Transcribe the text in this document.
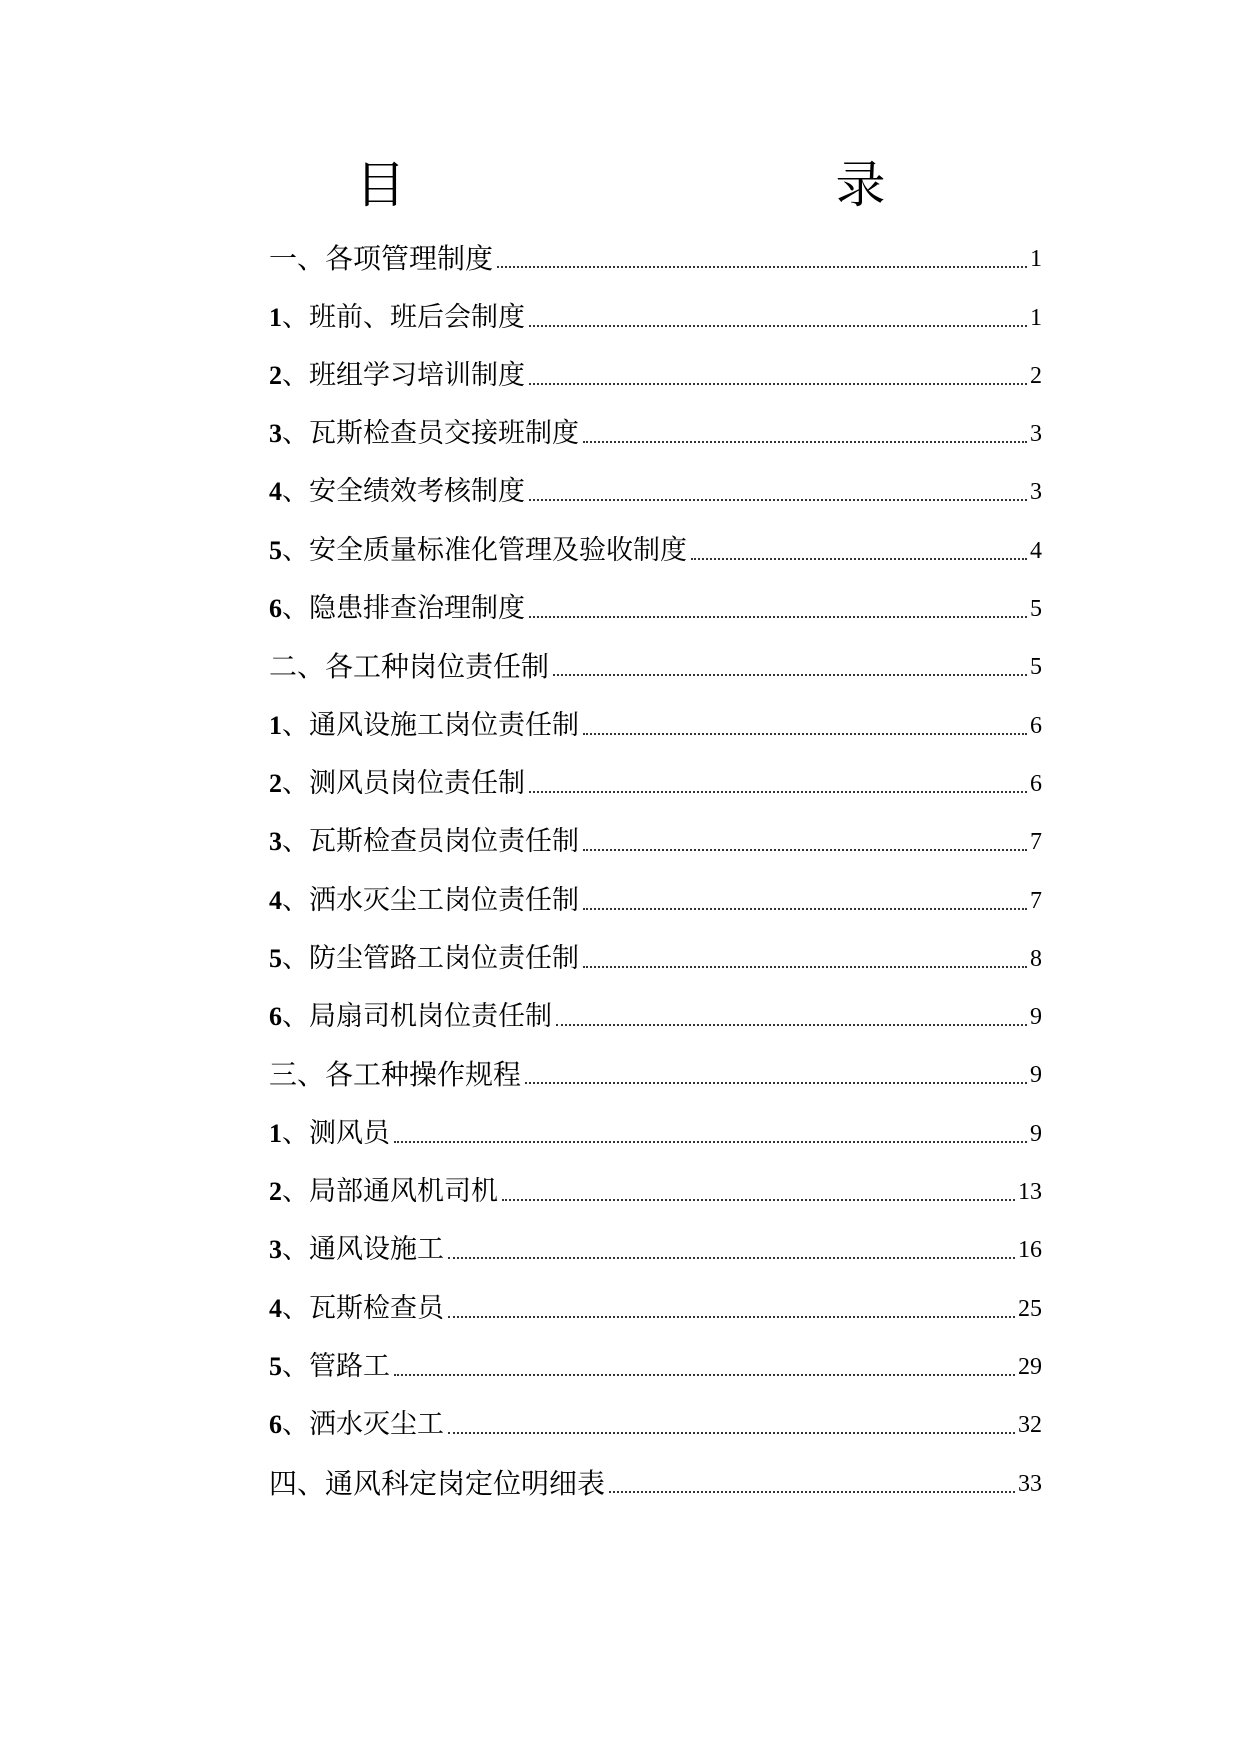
目　　录
一、各项管理制度	1
1、班前、班后会制度	1
2、班组学习培训制度	2
3、瓦斯检查员交接班制度	3
4、安全绩效考核制度	3
5、安全质量标准化管理及验收制度	4
6、隐患排查治理制度	5
二、各工种岗位责任制	5
1、通风设施工岗位责任制	6
2、测风员岗位责任制	6
3、瓦斯检查员岗位责任制	7
4、洒水灭尘工岗位责任制	7
5、防尘管路工岗位责任制	8
6、局扇司机岗位责任制	9
三、各工种操作规程	9
1、测风员	9
2、局部通风机司机	13
3、通风设施工	16
4、瓦斯检查员	25
5、管路工	29
6、洒水灭尘工	32
四、通风科定岗定位明细表	33
